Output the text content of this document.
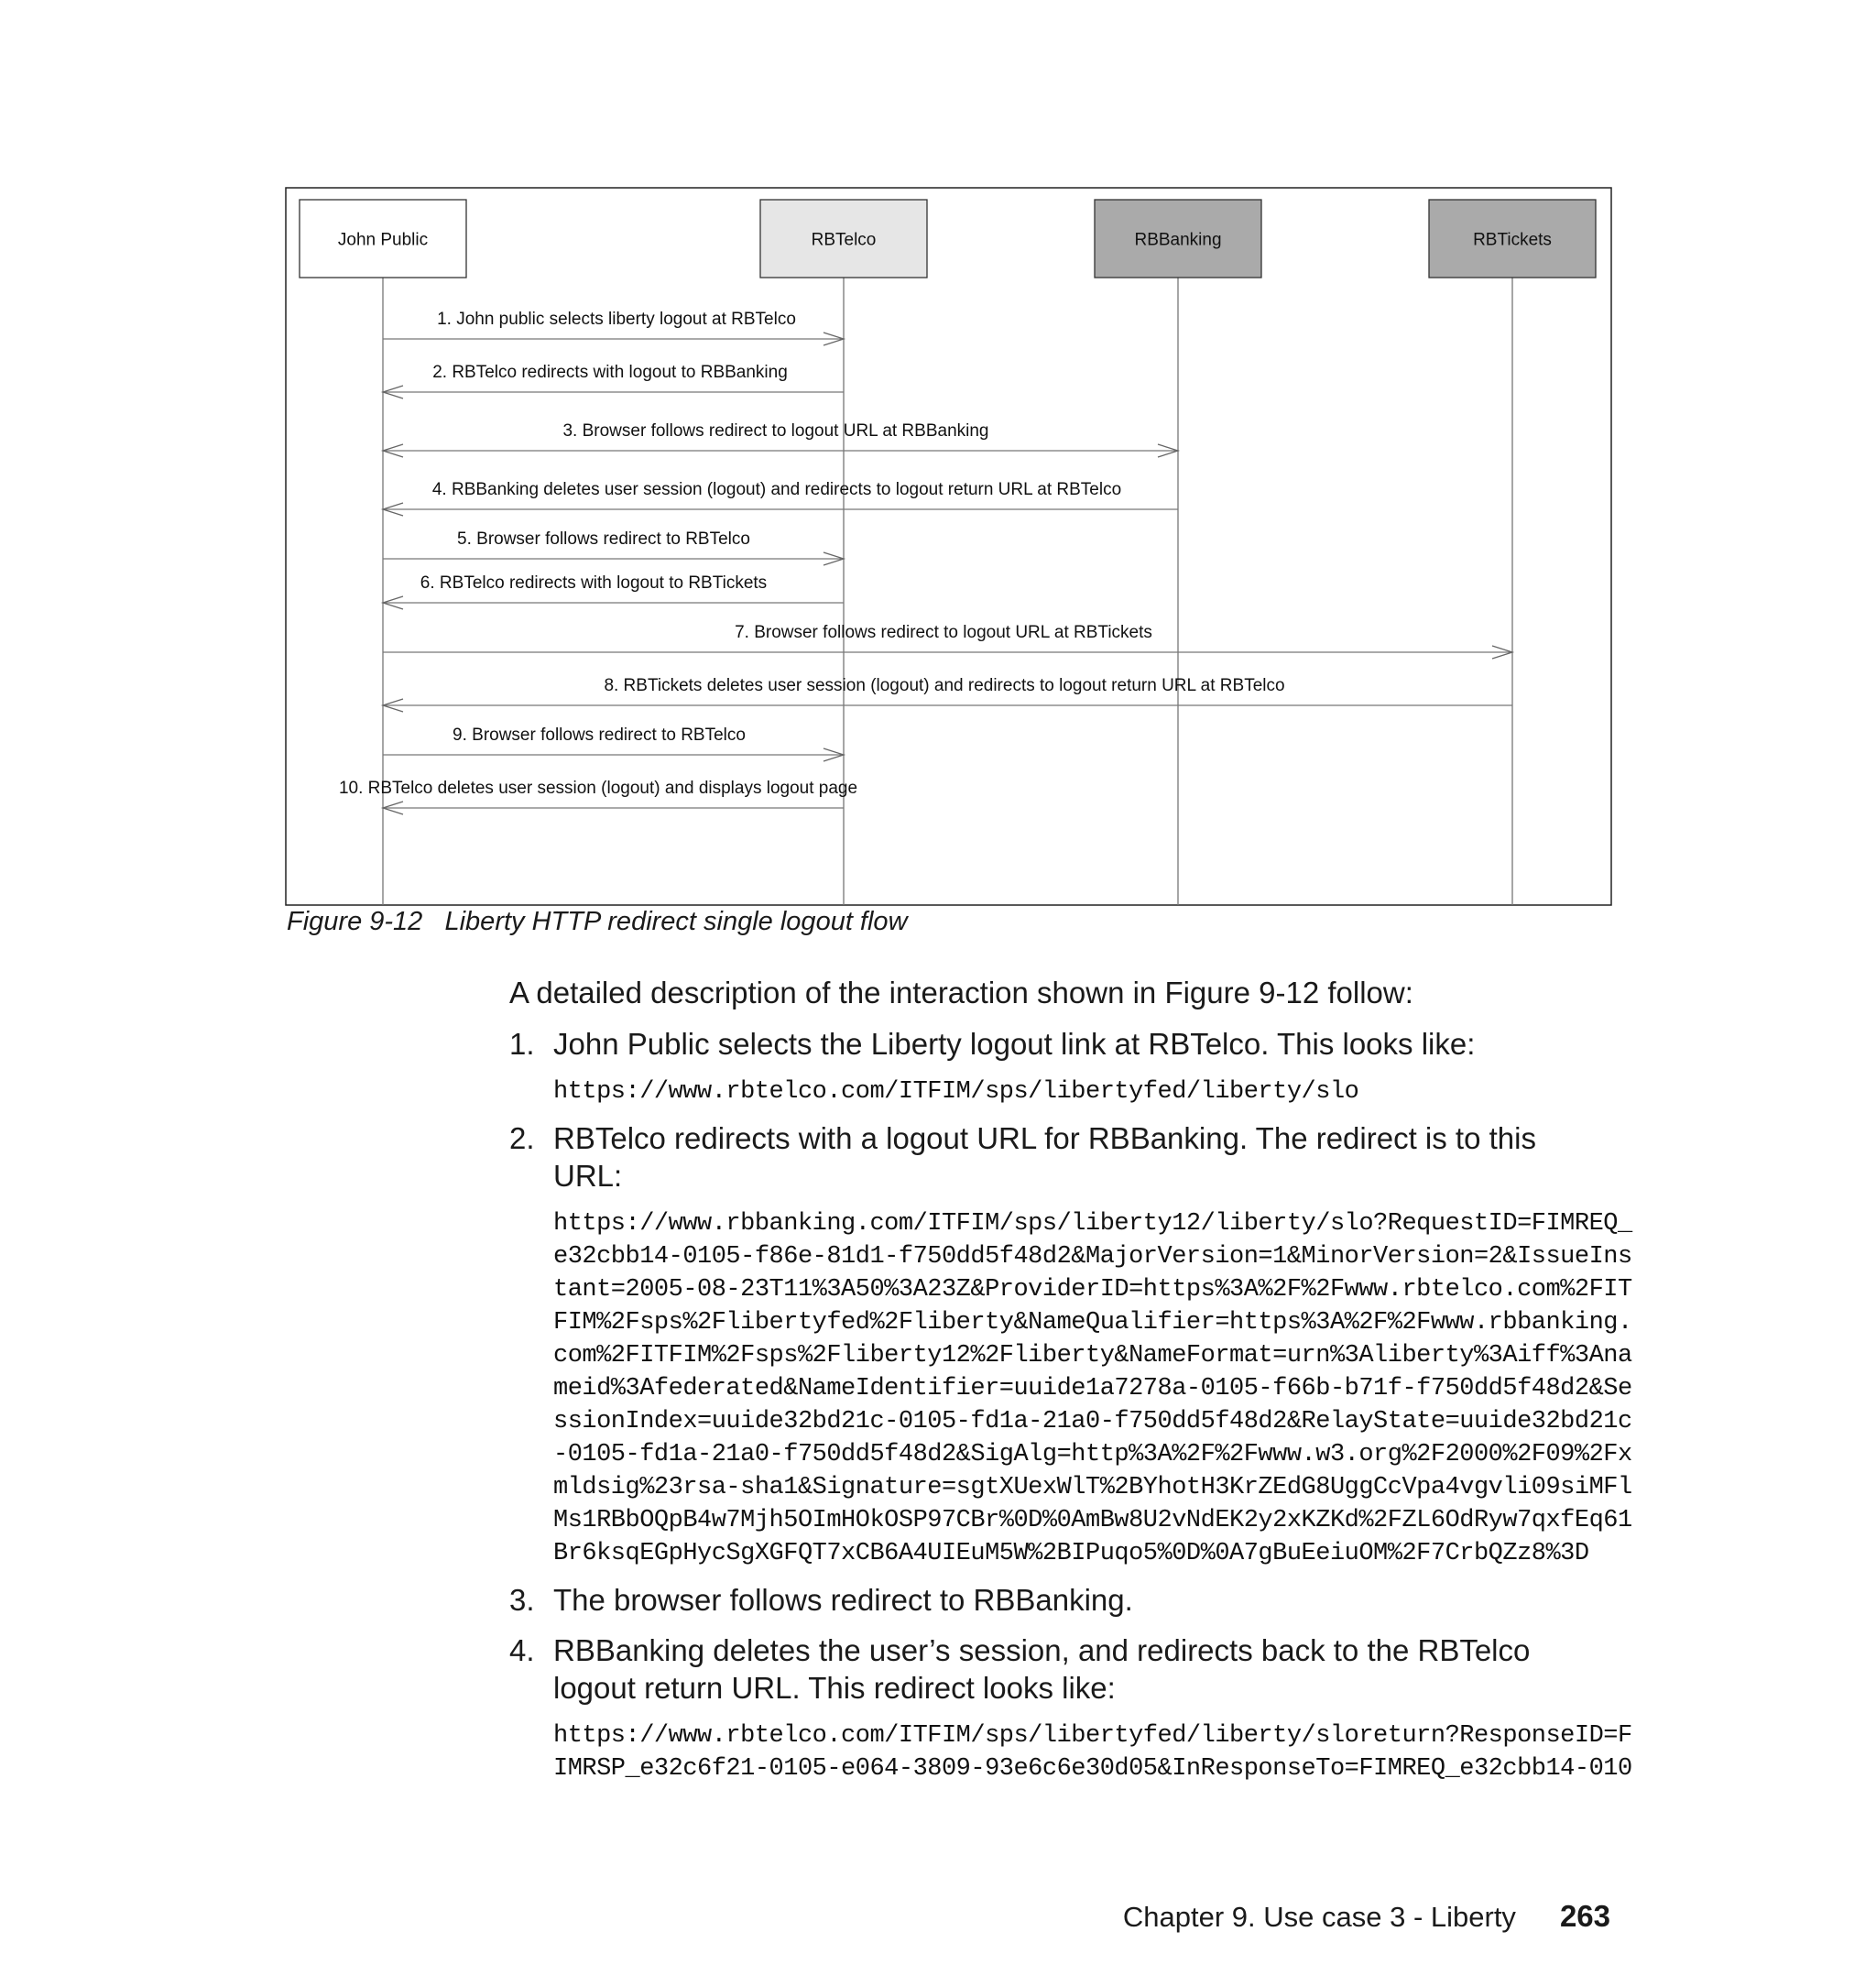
John Public	RBTelco	RBBanking	RBTickets
1. John public selects liberty logout at RBTelco
2. RBTelco redirects with logout to RBBanking
3. Browser follows redirect to logout URL at RBBanking
4. RBBanking deletes user session (logout) and redirects to logout return URL at RBTelco
5. Browser follows redirect to RBTelco
6. RBTelco redirects with logout to RBTickets
7. Browser follows redirect to logout URL at RBTickets
8. RBTickets deletes user session (logout) and redirects to logout return URL at RBTelco
9. Browser follows redirect to RBTelco
10. RBTelco deletes user session (logout) and displays logout page
Figure 9-12 Liberty HTTP redirect single logout flow

A detailed description of the interaction shown in Figure 9-12 follow:

1. John Public selects the Liberty logout link at RBTelco. This looks like:
https://www.rbtelco.com/ITFIM/sps/libertyfed/liberty/slo
2. RBTelco redirects with a logout URL for RBBanking. The redirect is to this URL:
https://www.rbbanking.com/ITFIM/sps/liberty12/liberty/slo?RequestID=FIMREQ_
e32cbb14-0105-f86e-81d1-f750dd5f48d2&MajorVersion=1&MinorVersion=2&IssueIns
tant=2005-08-23T11%3A50%3A23Z&ProviderID=https%3A%2F%2Fwww.rbtelco.com%2FIT
FIM%2Fsps%2Flibertyfed%2Fliberty&NameQualifier=https%3A%2F%2Fwww.rbbanking.
com%2FITFIM%2Fsps%2Fliberty12%2Fliberty&NameFormat=urn%3Aliberty%3Aiff%3Ana
meid%3Afederated&NameIdentifier=uuide1a7278a-0105-f66b-b71f-f750dd5f48d2&Se
ssionIndex=uuide32bd21c-0105-fd1a-21a0-f750dd5f48d2&RelayState=uuide32bd21c
-0105-fd1a-21a0-f750dd5f48d2&SigAlg=http%3A%2F%2Fwww.w3.org%2F2000%2F09%2Fx
mldsig%23rsa-sha1&Signature=sgtXUexWlT%2BYhotH3KrZEdG8UggCcVpa4vgvli09siMFl
Ms1RBbOQpB4w7Mjh5OImHOkOSP97CBr%0D%0AmBw8U2vNdEK2y2xKZKd%2FZL6OdRyw7qxfEq61
Br6ksqEGpHycSgXGFQT7xCB6A4UIEuM5W%2BIPuqo5%0D%0A7gBuEeiuOM%2F7CrbQZz8%3D
3. The browser follows redirect to RBBanking.
4. RBBanking deletes the user’s session, and redirects back to the RBTelco logout return URL. This redirect looks like:
https://www.rbtelco.com/ITFIM/sps/libertyfed/liberty/sloreturn?ResponseID=F
IMRSP_e32c6f21-0105-e064-3809-93e6c6e30d05&InResponseTo=FIMREQ_e32cbb14-010
Chapter 9. Use case 3 - Liberty 263
